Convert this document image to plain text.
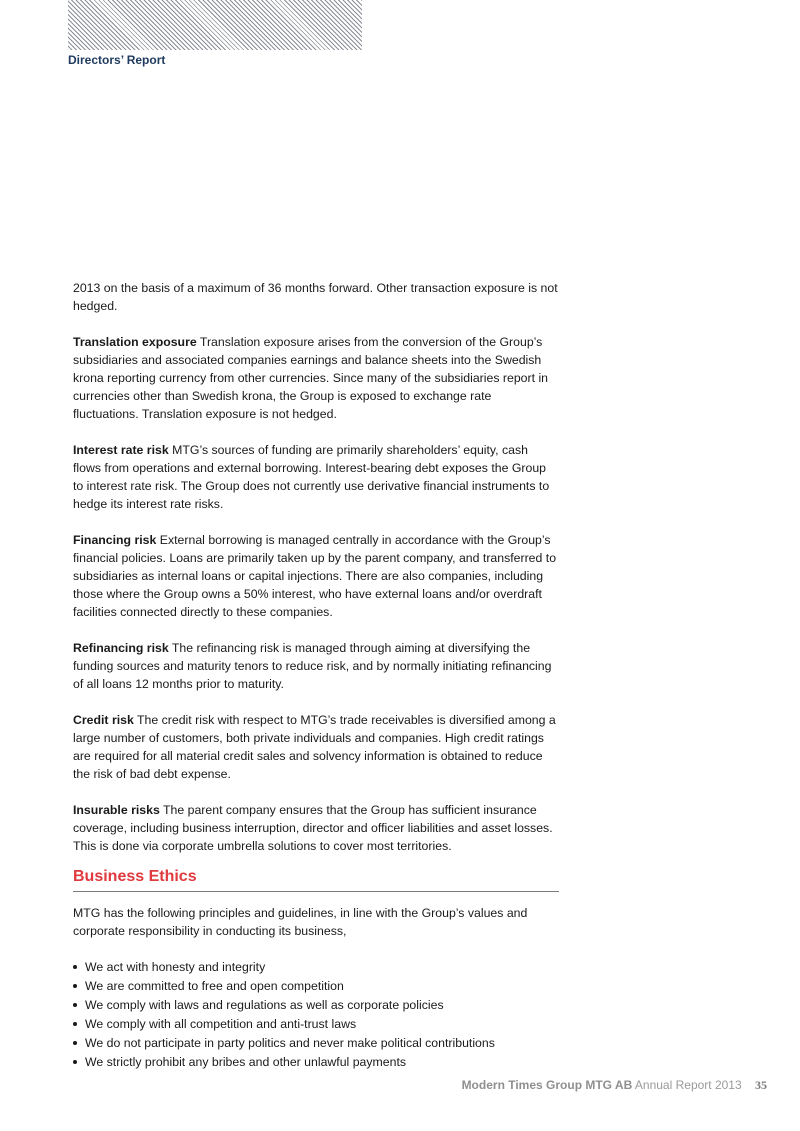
Directors’ Report

2013 on the basis of a maximum of 36 months forward. Other transaction exposure is not hedged.

Translation exposure Translation exposure arises from the conversion of the Group’s subsidiaries and associated companies earnings and balance sheets into the Swedish krona reporting currency from other currencies. Since many of the subsidiaries report in currencies other than Swedish krona, the Group is exposed to exchange rate fluctuations. Translation exposure is not hedged.

Interest rate risk MTG’s sources of funding are primarily shareholders’ equity, cash flows from operations and external borrowing. Interest-bearing debt exposes the Group to interest rate risk. The Group does not currently use derivative financial instruments to hedge its interest rate risks.

Financing risk External borrowing is managed centrally in accordance with the Group’s financial policies. Loans are primarily taken up by the parent company, and transferred to subsidiaries as internal loans or capital injections. There are also companies, including those where the Group owns a 50% interest, who have external loans and/or overdraft facilities connected directly to these companies.

Refinancing risk The refinancing risk is managed through aiming at diversifying the funding sources and maturity tenors to reduce risk, and by normally initiating refinancing of all loans 12 months prior to maturity.

Credit risk The credit risk with respect to MTG’s trade receivables is diversified among a large number of customers, both private individuals and companies. High credit ratings are required for all material credit sales and solvency information is obtained to reduce the risk of bad debt expense.

Insurable risks The parent company ensures that the Group has sufficient insurance coverage, including business interruption, director and officer liabilities and asset losses. This is done via corporate umbrella solutions to cover most territories.

Business Ethics

MTG has the following principles and guidelines, in line with the Group’s values and corporate responsibility in conducting its business,

We act with honesty and integrity
We are committed to free and open competition
We comply with laws and regulations as well as corporate policies
We comply with all competition and anti-trust laws
We do not participate in party politics and never make political contributions
We strictly prohibit any bribes and other unlawful payments
Modern Times Group MTG AB Annual Report 2013 35
